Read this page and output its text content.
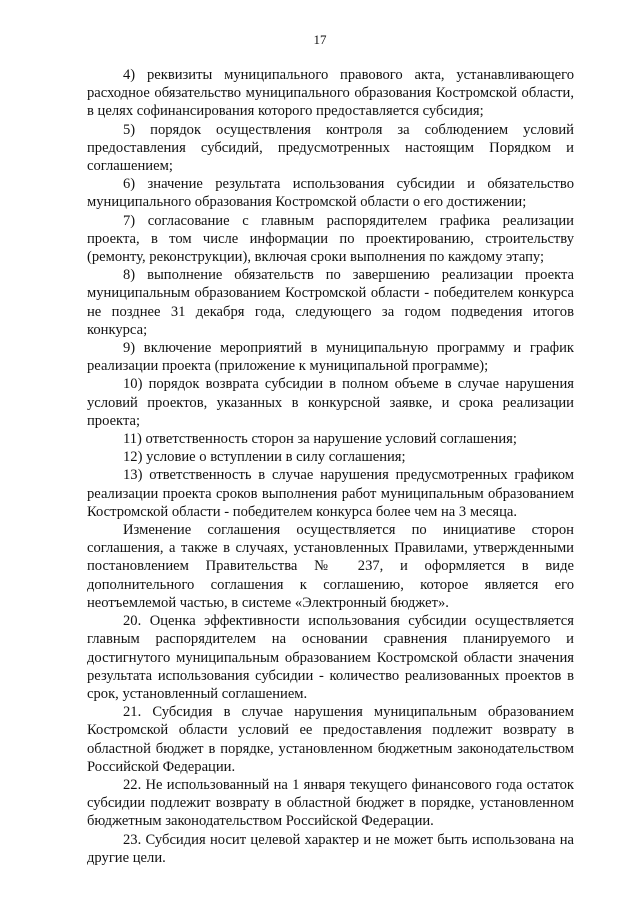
17

4) реквизиты муниципального правового акта, устанавливающего расходное обязательство муниципального образования Костромской области, в целях софинансирования которого предоставляется субсидия;

5) порядок осуществления контроля за соблюдением условий предоставления субсидий, предусмотренных настоящим Порядком и соглашением;

6) значение результата использования субсидии и обязательство муниципального образования Костромской области о его достижении;

7) согласование с главным распорядителем графика реализации проекта, в том числе информации по проектированию, строительству (ремонту, реконструкции), включая сроки выполнения по каждому этапу;

8) выполнение обязательств по завершению реализации проекта муниципальным образованием Костромской области - победителем конкурса не позднее 31 декабря года, следующего за годом подведения итогов конкурса;

9) включение мероприятий в муниципальную программу и график реализации проекта (приложение к муниципальной программе);

10) порядок возврата субсидии в полном объеме в случае нарушения условий проектов, указанных в конкурсной заявке, и срока реализации проекта;

11) ответственность сторон за нарушение условий соглашения;

12) условие о вступлении в силу соглашения;

13) ответственность в случае нарушения предусмотренных графиком реализации проекта сроков выполнения работ муниципальным образованием Костромской области - победителем конкурса более чем на 3 месяца.

Изменение соглашения осуществляется по инициативе сторон соглашения, а также в случаях, установленных Правилами, утвержденными постановлением Правительства № 237, и оформляется в виде дополнительного соглашения к соглашению, которое является его неотъемлемой частью, в системе «Электронный бюджет».

20. Оценка эффективности использования субсидии осуществляется главным распорядителем на основании сравнения планируемого и достигнутого муниципальным образованием Костромской области значения результата использования субсидии - количество реализованных проектов в срок, установленный соглашением.

21. Субсидия в случае нарушения муниципальным образованием Костромской области условий ее предоставления подлежит возврату в областной бюджет в порядке, установленном бюджетным законодательством Российской Федерации.

22. Не использованный на 1 января текущего финансового года остаток субсидии подлежит возврату в областной бюджет в порядке, установленном бюджетным законодательством Российской Федерации.

23. Субсидия носит целевой характер и не может быть использована на другие цели.
